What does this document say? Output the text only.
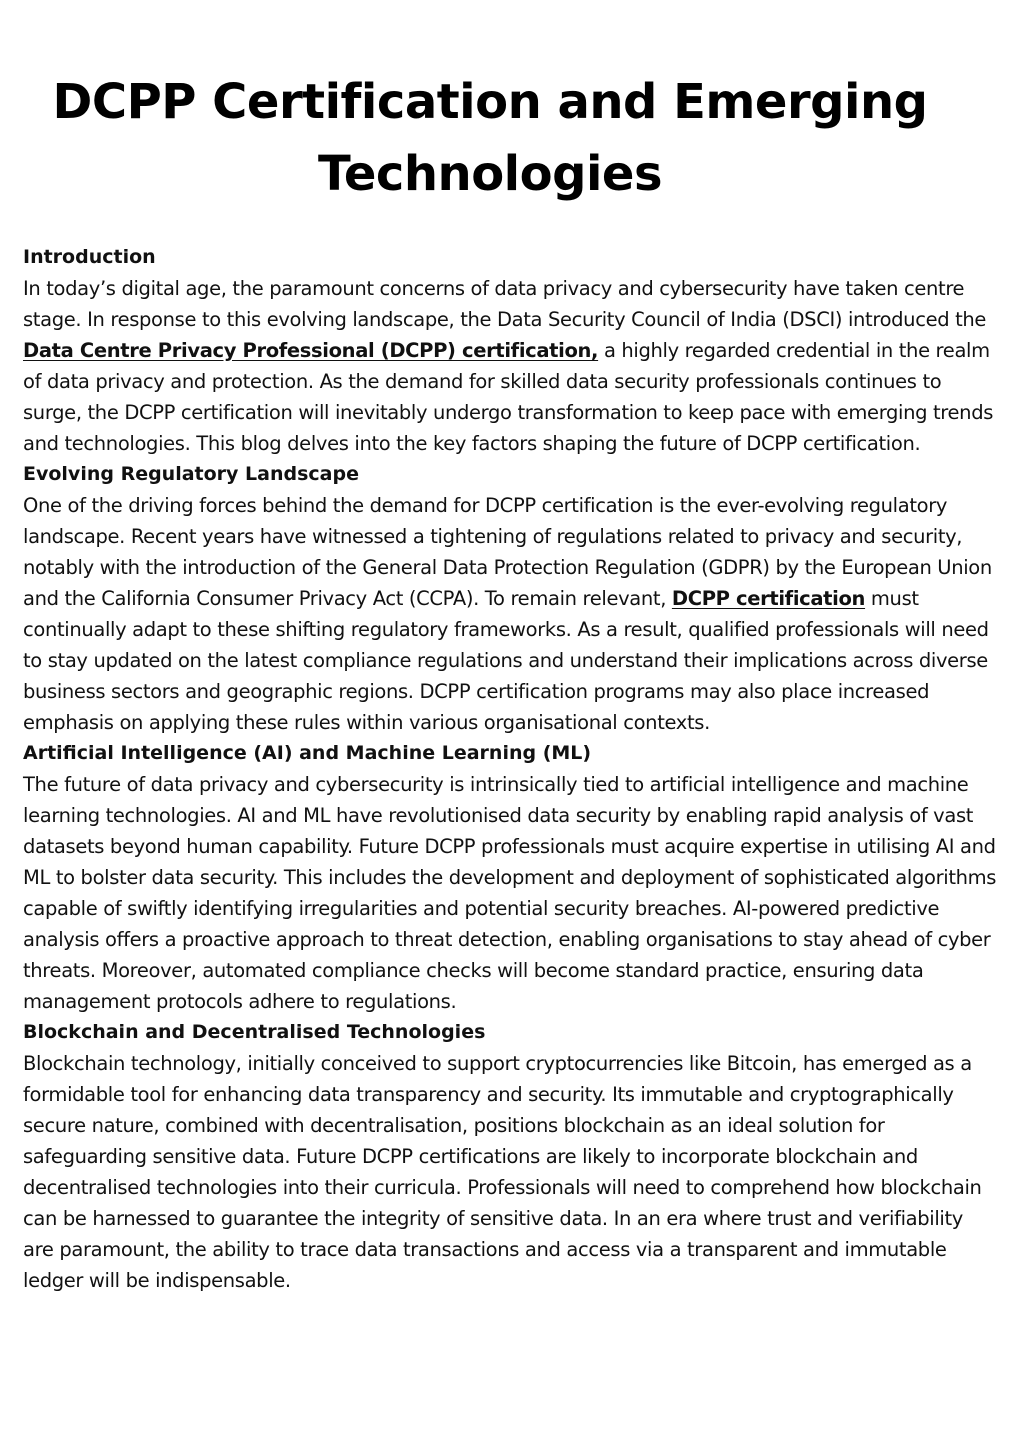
DCPP Certification and Emerging Technologies
Introduction

In today’s digital age, the paramount concerns of data privacy and cybersecurity have taken centre stage. In response to this evolving landscape, the Data Security Council of India (DSCI) introduced the Data Centre Privacy Professional (DCPP) certification, a highly regarded credential in the realm of data privacy and protection. As the demand for skilled data security professionals continues to surge, the DCPP certification will inevitably undergo transformation to keep pace with emerging trends and technologies. This blog delves into the key factors shaping the future of DCPP certification.

Evolving Regulatory Landscape

One of the driving forces behind the demand for DCPP certification is the ever-evolving regulatory landscape. Recent years have witnessed a tightening of regulations related to privacy and security, notably with the introduction of the General Data Protection Regulation (GDPR) by the European Union and the California Consumer Privacy Act (CCPA). To remain relevant, DCPP certification must continually adapt to these shifting regulatory frameworks. As a result, qualified professionals will need to stay updated on the latest compliance regulations and understand their implications across diverse business sectors and geographic regions. DCPP certification programs may also place increased emphasis on applying these rules within various organisational contexts.

Artificial Intelligence (AI) and Machine Learning (ML)

The future of data privacy and cybersecurity is intrinsically tied to artificial intelligence and machine learning technologies. AI and ML have revolutionised data security by enabling rapid analysis of vast datasets beyond human capability. Future DCPP professionals must acquire expertise in utilising AI and ML to bolster data security. This includes the development and deployment of sophisticated algorithms capable of swiftly identifying irregularities and potential security breaches. AI-powered predictive analysis offers a proactive approach to threat detection, enabling organisations to stay ahead of cyber threats. Moreover, automated compliance checks will become standard practice, ensuring data management protocols adhere to regulations.

Blockchain and Decentralised Technologies

Blockchain technology, initially conceived to support cryptocurrencies like Bitcoin, has emerged as a formidable tool for enhancing data transparency and security. Its immutable and cryptographically secure nature, combined with decentralisation, positions blockchain as an ideal solution for safeguarding sensitive data. Future DCPP certifications are likely to incorporate blockchain and decentralised technologies into their curricula. Professionals will need to comprehend how blockchain can be harnessed to guarantee the integrity of sensitive data. In an era where trust and verifiability are paramount, the ability to trace data transactions and access via a transparent and immutable ledger will be indispensable.
